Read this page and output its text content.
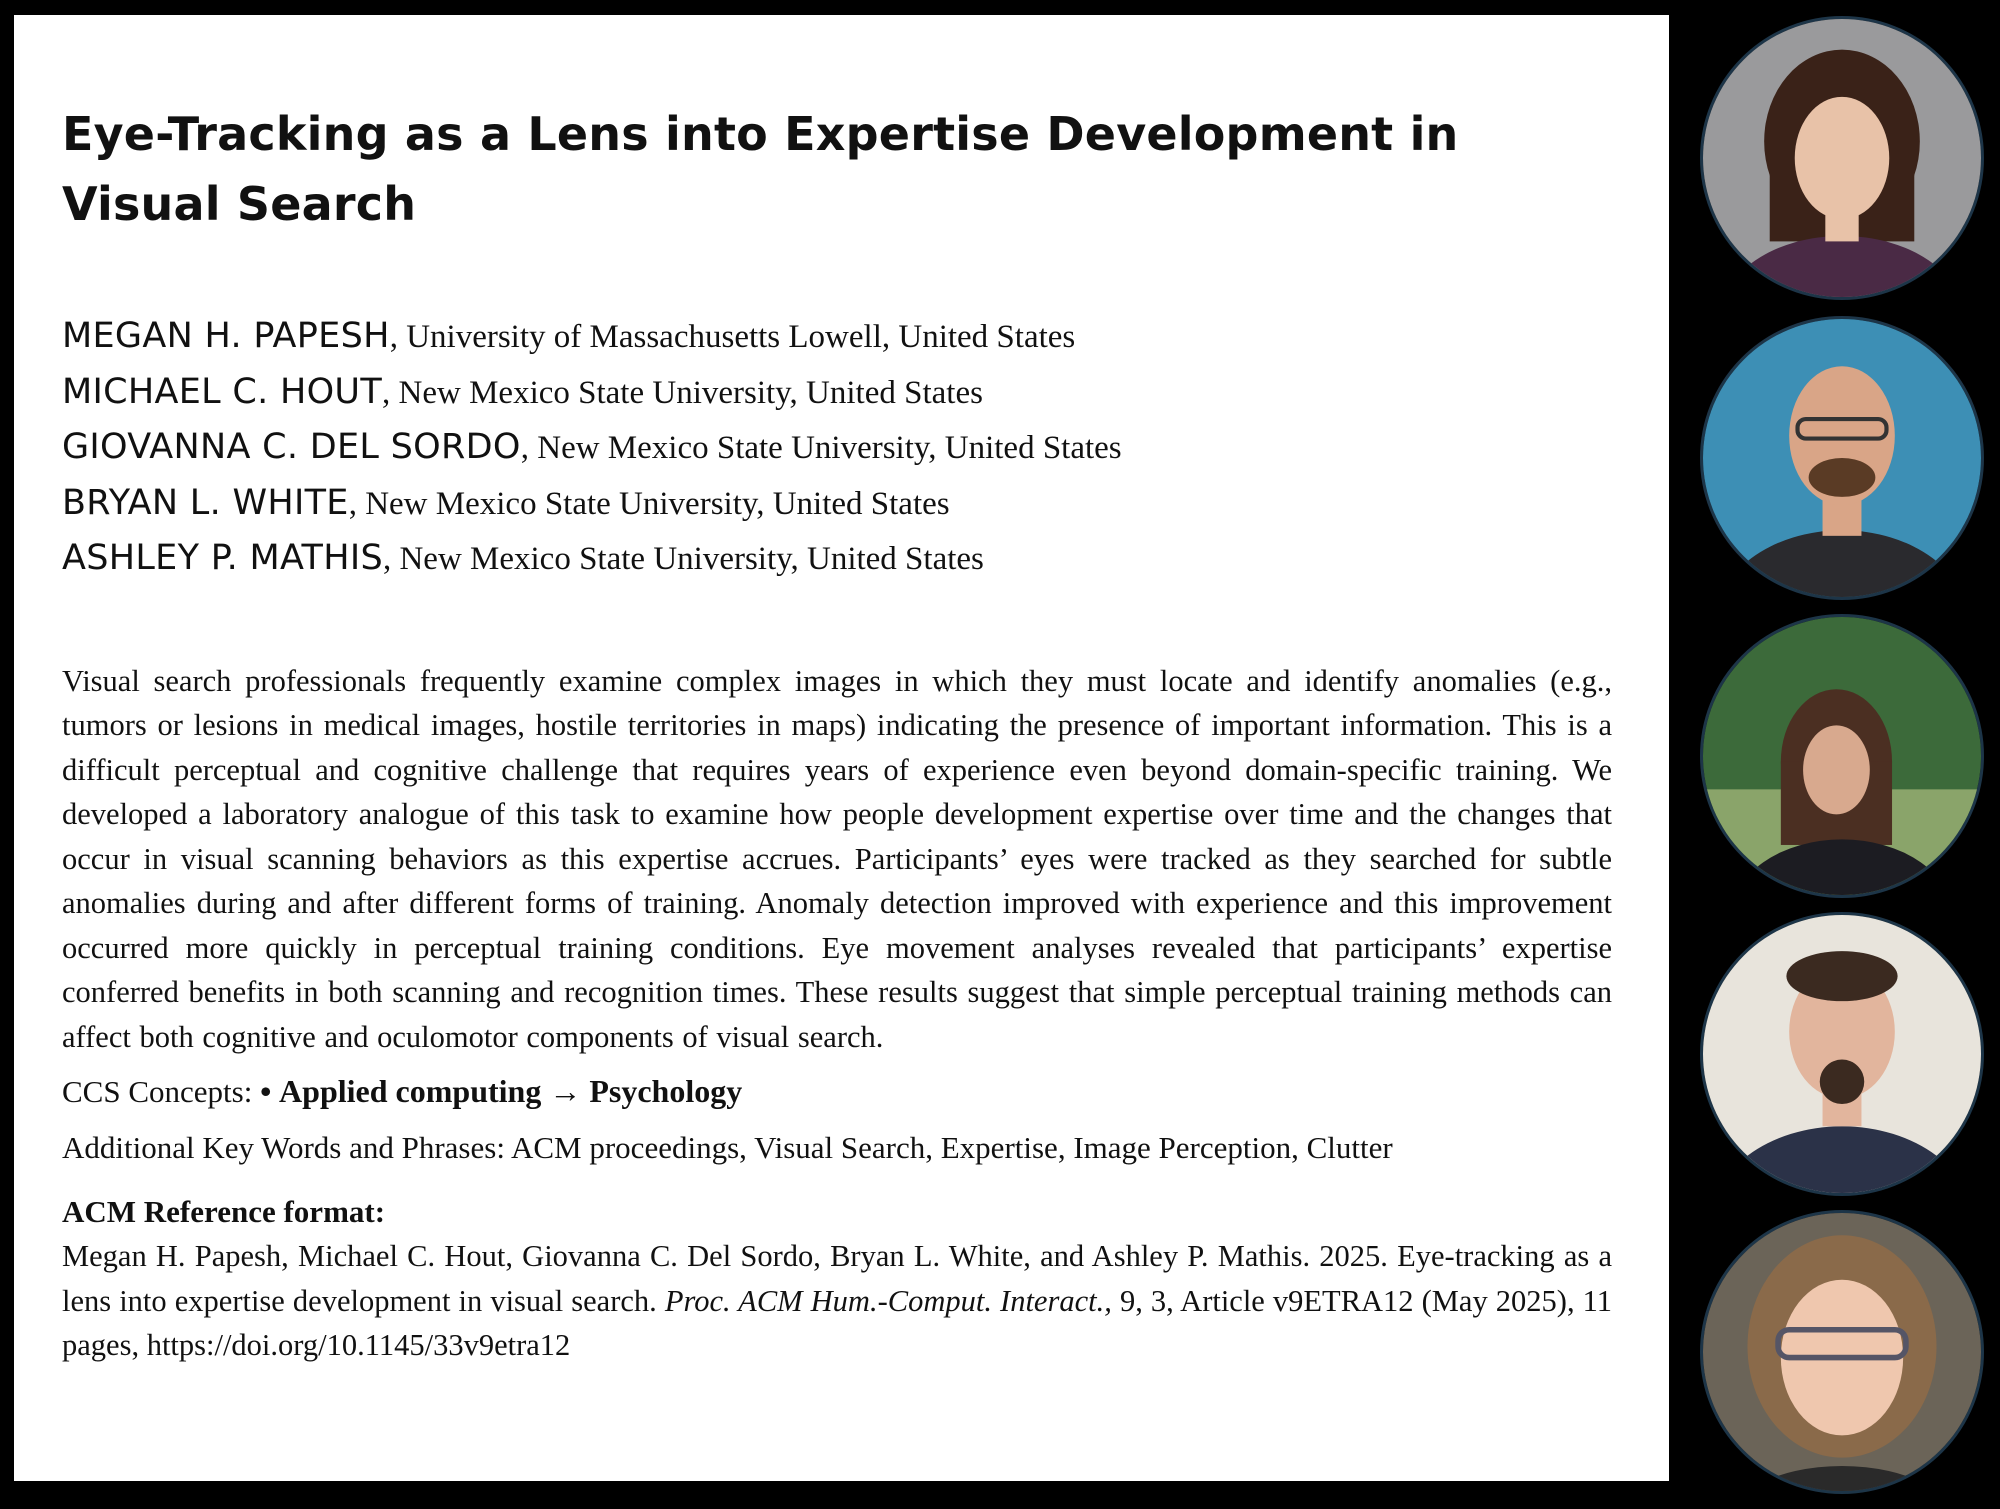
Eye-Tracking as a Lens into Expertise Development in Visual Search
MEGAN H. PAPESH, University of Massachusetts Lowell, United States
MICHAEL C. HOUT, New Mexico State University, United States
GIOVANNA C. DEL SORDO, New Mexico State University, United States
BRYAN L. WHITE, New Mexico State University, United States
ASHLEY P. MATHIS, New Mexico State University, United States
Visual search professionals frequently examine complex images in which they must locate and identify anomalies (e.g., tumors or lesions in medical images, hostile territories in maps) indicating the presence of important information. This is a difficult perceptual and cognitive challenge that requires years of experience even beyond domain-specific training. We developed a laboratory analogue of this task to examine how people development expertise over time and the changes that occur in visual scanning behaviors as this expertise accrues. Participants’ eyes were tracked as they searched for subtle anomalies during and after different forms of training. Anomaly detection improved with experience and this improvement occurred more quickly in perceptual training conditions. Eye movement analyses revealed that participants’ expertise conferred benefits in both scanning and recognition times. These results suggest that simple perceptual training methods can affect both cognitive and oculomotor components of visual search.
CCS Concepts: • Applied computing → Psychology
Additional Key Words and Phrases: ACM proceedings, Visual Search, Expertise, Image Perception, Clutter
ACM Reference format:
Megan H. Papesh, Michael C. Hout, Giovanna C. Del Sordo, Bryan L. White, and Ashley P. Mathis. 2025. Eye-tracking as a lens into expertise development in visual search. Proc. ACM Hum.-Comput. Interact., 9, 3, Article v9ETRA12 (May 2025), 11 pages, https://doi.org/10.1145/33v9etra12
